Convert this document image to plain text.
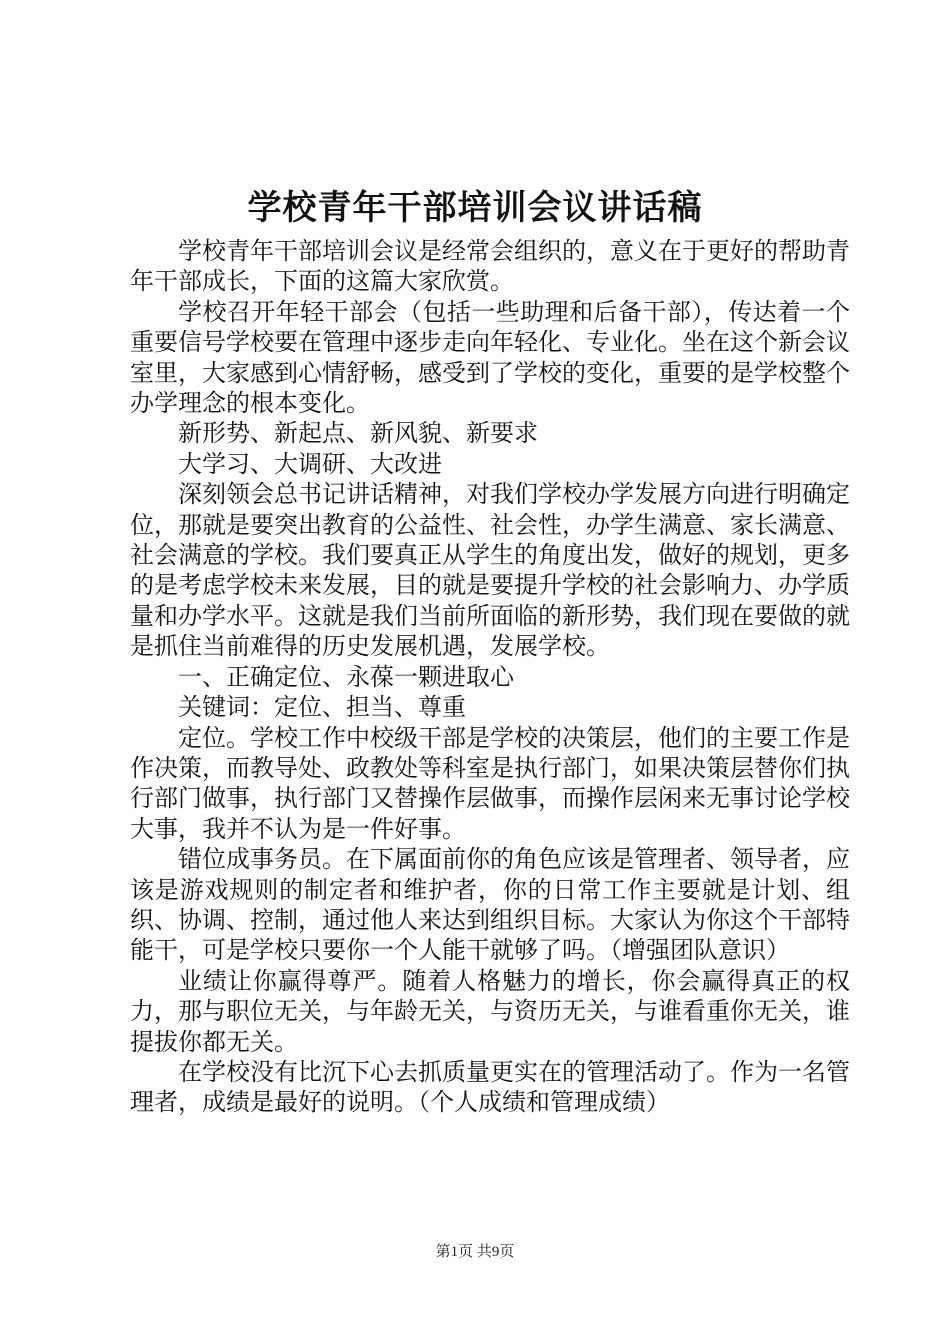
学校青年干部培训会议讲话稿

学校青年干部培训会议是经常会组织的，意义在于更好的帮助青年干部成长，下面的这篇大家欣赏。

学校召开年轻干部会（包括一些助理和后备干部），传达着一个重要信号学校要在管理中逐步走向年轻化、专业化。坐在这个新会议室里，大家感到心情舒畅，感受到了学校的变化，重要的是学校整个办学理念的根本变化。

新形势、新起点、新风貌、新要求

大学习、大调研、大改进

深刻领会总书记讲话精神，对我们学校办学发展方向进行明确定位，那就是要突出教育的公益性、社会性，办学生满意、家长满意、社会满意的学校。我们要真正从学生的角度出发，做好的规划，更多的是考虑学校未来发展，目的就是要提升学校的社会影响力、办学质量和办学水平。这就是我们当前所面临的新形势，我们现在要做的就是抓住当前难得的历史发展机遇，发展学校。

一、正确定位、永葆一颗进取心

关键词：定位、担当、尊重

定位。学校工作中校级干部是学校的决策层，他们的主要工作是作决策，而教导处、政教处等科室是执行部门，如果决策层替你们执行部门做事，执行部门又替操作层做事，而操作层闲来无事讨论学校大事，我并不认为是一件好事。

错位成事务员。在下属面前你的角色应该是管理者、领导者，应该是游戏规则的制定者和维护者，你的日常工作主要就是计划、组织、协调、控制，通过他人来达到组织目标。大家认为你这个干部特能干，可是学校只要你一个人能干就够了吗。（增强团队意识）

业绩让你赢得尊严。随着人格魅力的增长，你会赢得真正的权力，那与职位无关，与年龄无关，与资历无关，与谁看重你无关，谁提拔你都无关。

在学校没有比沉下心去抓质量更实在的管理活动了。作为一名管理者，成绩是最好的说明。（个人成绩和管理成绩）

第1页 共9页
